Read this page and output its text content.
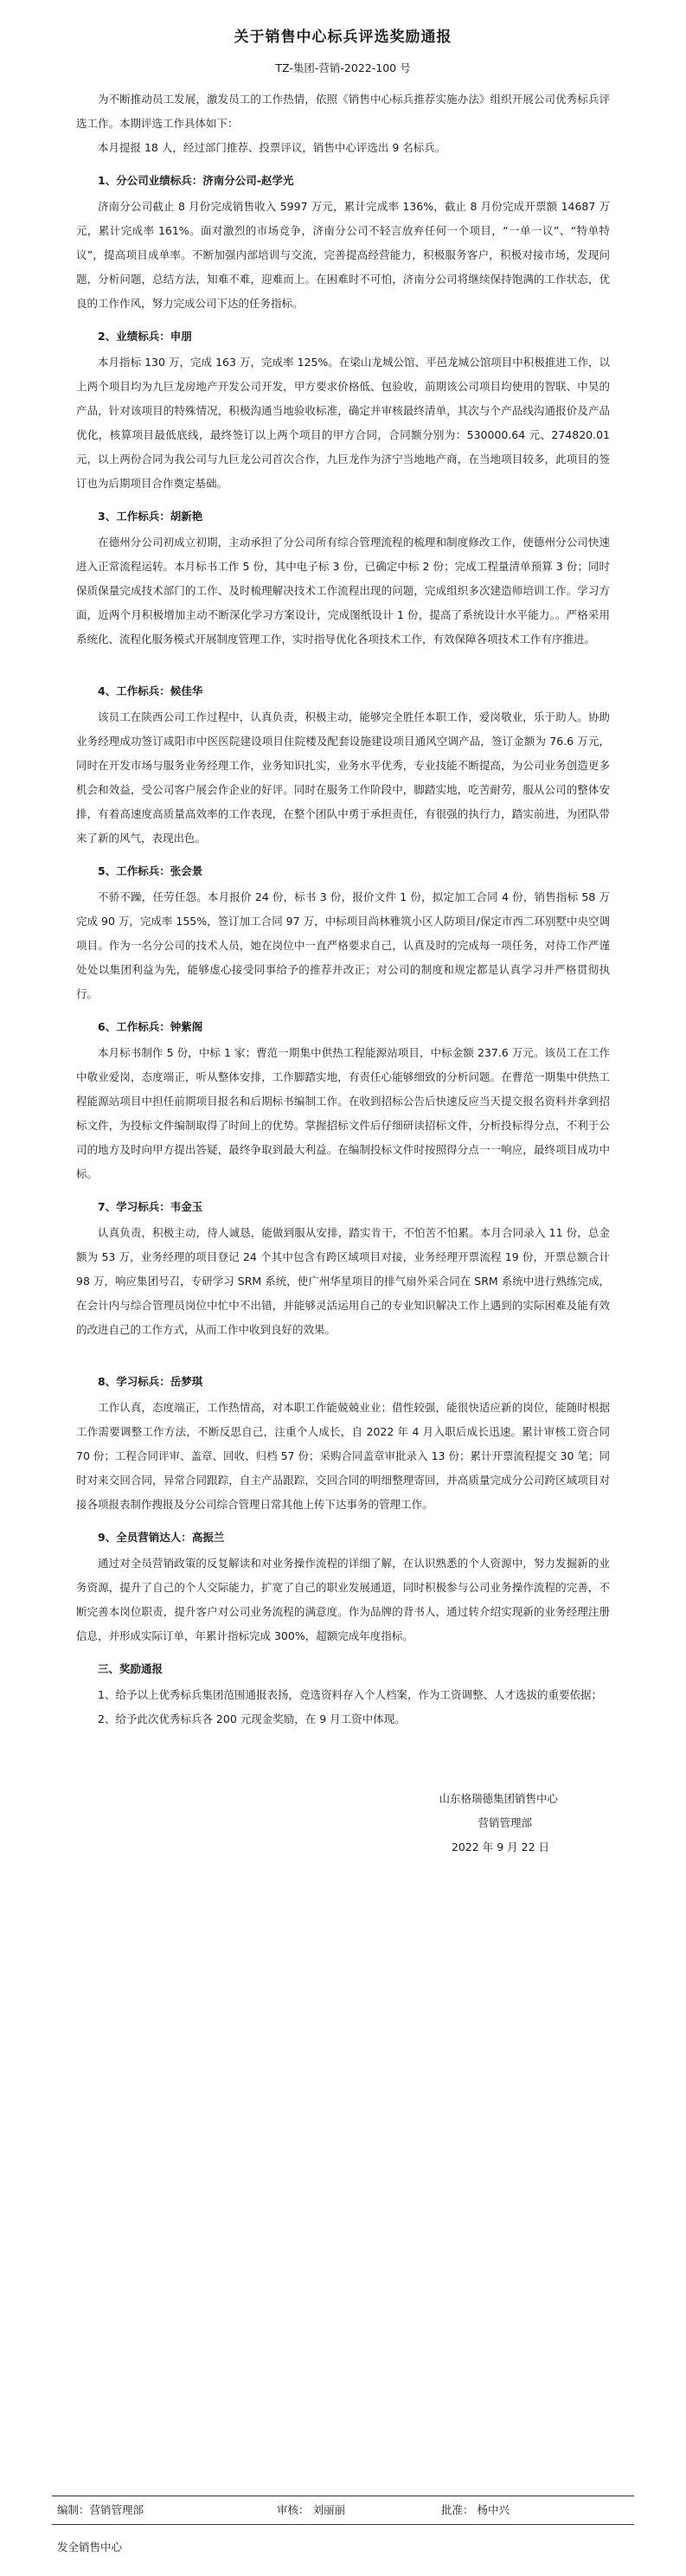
关于销售中心标兵评选奖励通报
TZ-集团-营销-2022-100 号

为不断推动员工发展，激发员工的工作热情，依照《销售中心标兵推荐实施办法》组织开展公司优秀标兵评选工作。本期评选工作具体如下：

本月提报 18 人，经过部门推荐、投票评议，销售中心评选出 9 名标兵。

1、分公司业绩标兵：济南分公司-赵学光

济南分公司截止 8 月份完成销售收入 5997 万元，累计完成率 136%，截止 8 月份完成开票额 14687 万元，累计完成率 161%。面对激烈的市场竞争，济南分公司不轻言放弃任何一个项目，“一单一议”、“特单特议”，提高项目成单率。不断加强内部培训与交流，完善提高经营能力，积极服务客户，积极对接市场，发现问题，分析问题，总结方法，知难不难，迎难而上。在困难时不可怕，济南分公司将继续保持饱满的工作状态，优良的工作作风，努力完成公司下达的任务指标。

2、业绩标兵：申朋

本月指标 130 万，完成 163 万，完成率 125%。在梁山龙城公馆、平邑龙城公馆项目中积极推进工作，以上两个项目均为九巨龙房地产开发公司开发，甲方要求价格低、包验收，前期该公司项目均使用的智联、中昊的产品，针对该项目的特殊情况，积极沟通当地验收标准，确定并审核最终清单，其次与个产品线沟通报价及产品优化，核算项目最低底线，最终签订以上两个项目的甲方合同，合同额分别为：530000.64 元、274820.01 元，以上两份合同为我公司与九巨龙公司首次合作，九巨龙作为济宁当地地产商，在当地项目较多，此项目的签订也为后期项目合作奠定基础。

3、工作标兵：胡新艳

在德州分公司初成立初期，主动承担了分公司所有综合管理流程的梳理和制度修改工作，使德州分公司快速进入正常流程运转。本月标书工作 5 份，其中电子标 3 份，已确定中标 2 份；完成工程量清单预算 3 份；同时保质保量完成技术部门的工作、及时梳理解决技术工作流程出现的问题，完成组织多次建造师培训工作。学习方面，近两个月积极增加主动不断深化学习方案设计，完成图纸设计 1 份，提高了系统设计水平能力。。严格采用系统化、流程化服务模式开展制度管理工作，实时指导优化各项技术工作，有效保障各项技术工作有序推进。

4、工作标兵：候佳华

该员工在陕西公司工作过程中，认真负责，积极主动，能够完全胜任本职工作，爱岗敬业，乐于助人。协助业务经理成功签订咸阳市中医医院建设项目住院楼及配套设施建设项目通风空调产品，签订金额为 76.6 万元，同时在开发市场与服务业务经理工作，业务知识扎实，业务水平优秀，专业技能不断提高，为公司业务创造更多机会和效益，受公司客户展会作企业的好评。同时在服务工作阶段中，脚踏实地，吃苦耐劳，服从公司的整体安排，有着高速度高质量高效率的工作表现，在整个团队中勇于承担责任，有很强的执行力，踏实前进，为团队带来了新的风气，表现出色。

5、工作标兵：张会景

不骄不躁，任劳任怨。本月报价 24 份，标书 3 份，报价文件 1 份，拟定加工合同 4 份，销售指标 58 万完成 90 万，完成率 155%，签订加工合同 97 万，中标项目尚林雅筑小区人防项目/保定市西二环别墅中央空调项目。作为一名分公司的技术人员，她在岗位中一直严格要求自己，认真及时的完成每一项任务，对待工作严谨处处以集团利益为先，能够虚心接受同事给予的推荐并改正；对公司的制度和规定都是认真学习并严格贯彻执行。

6、工作标兵：钟紫阁

本月标书制作 5 份，中标 1 家；曹范一期集中供热工程能源站项目，中标金额 237.6 万元。该员工在工作中敬业爱岗，态度端正，听从整体安排，工作脚踏实地，有责任心能够细致的分析问题。在曹范一期集中供热工程能源站项目中担任前期项目报名和后期标书编制工作。在收到招标公告后快速反应当天提交报名资料并拿到招标文件，为投标文件编制取得了时间上的优势。掌握招标文件后仔细研读招标文件，分析投标得分点，不利于公司的地方及时向甲方提出答疑，最终争取到最大利益。在编制投标文件时按照得分点一一响应，最终项目成功中标。

7、学习标兵：韦金玉

认真负责，积极主动，待人诚恳，能做到服从安排，踏实肯干，不怕苦不怕累。本月合同录入 11 份，总金额为 53 万，业务经理的项目登记 24 个其中包含有跨区域项目对接，业务经理开票流程 19 份，开票总额合计 98 万，响应集团号召，专研学习 SRM 系统，使广州华星项目的排气扇外采合同在 SRM 系统中进行熟练完成，在会计内与综合管理员岗位中忙中不出错，并能够灵活运用自己的专业知识解决工作上遇到的实际困难及能有效的改进自己的工作方式，从而工作中收到良好的效果。

8、学习标兵：岳梦琪

工作认真，态度端正，工作热情高，对本职工作能兢兢业业；借性较强，能很快适应新的岗位，能随时根据工作需要调整工作方法，不断反思自己，注重个人成长，自 2022 年 4 月入职后成长迅速。累计审核工资合同 70 份；工程合同评审、盖章、回收、归档 57 份；采购合同盖章审批录入 13 份；累计开票流程提交 30 笔；同时对来交回合同，异常合同跟踪，自主产品跟踪，交回合同的明细整理寄回，并高质量完成分公司跨区域项目对接各项报表制作搜报及分公司综合管理日常其他上传下达事务的管理工作。

9、全员营销达人：高振兰

通过对全员营销政策的反复解读和对业务操作流程的详细了解，在认识熟悉的个人资源中，努力发掘新的业务资源，提升了自己的个人交际能力，扩宽了自己的职业发展通道，同时积极参与公司业务操作流程的完善，不断完善本岗位职责，提升客户对公司业务流程的满意度。作为品牌的背书人，通过转介绍实现新的业务经理注册信息，并形成实际订单，年累计指标完成 300%，超额完成年度指标。

三、奖励通报

1、给予以上优秀标兵集团范围通报表扬，竞选资料存入个人档案，作为工资调整、人才选拔的重要依据；

2、给予此次优秀标兵各 200 元现金奖励，在 9 月工资中体现。

山东格瑞德集团销售中心
营销管理部
2022 年 9 月 22 日
编制：营销管理部	审核： 刘丽丽	批准： 杨中兴
发全销售中心
